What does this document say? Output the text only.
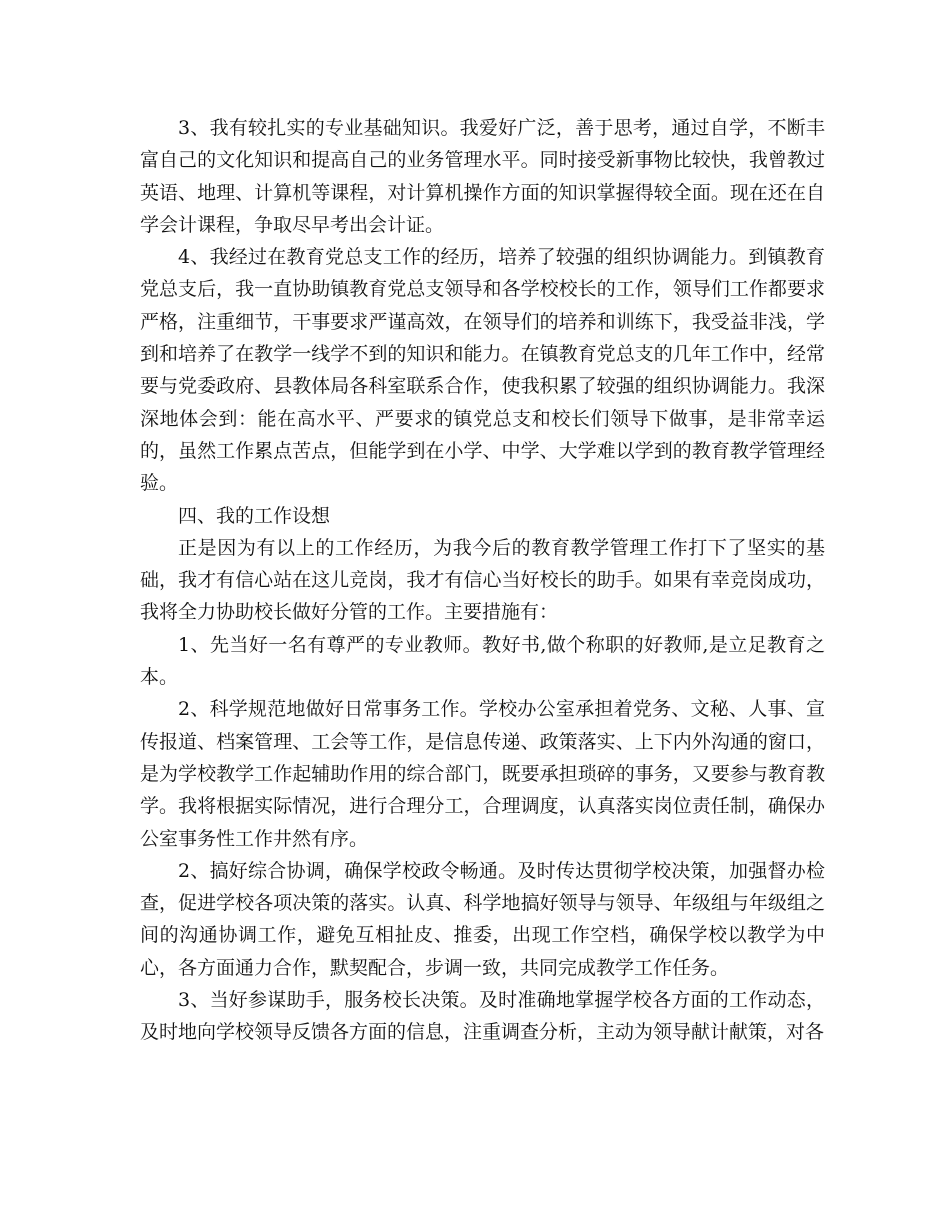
3、我有较扎实的专业基础知识。我爱好广泛，善于思考，通过自学，不断丰富自己的文化知识和提高自己的业务管理水平。同时接受新事物比较快，我曾教过英语、地理、计算机等课程，对计算机操作方面的知识掌握得较全面。现在还在自学会计课程，争取尽早考出会计证。

4、我经过在教育党总支工作的经历，培养了较强的组织协调能力。到镇教育党总支后，我一直协助镇教育党总支领导和各学校校长的工作，领导们工作都要求严格，注重细节，干事要求严谨高效，在领导们的培养和训练下，我受益非浅，学到和培养了在教学一线学不到的知识和能力。在镇教育党总支的几年工作中，经常要与党委政府、县教体局各科室联系合作，使我积累了较强的组织协调能力。我深深地体会到：能在高水平、严要求的镇党总支和校长们领导下做事，是非常幸运的，虽然工作累点苦点，但能学到在小学、中学、大学难以学到的教育教学管理经验。

四、我的工作设想

正是因为有以上的工作经历，为我今后的教育教学管理工作打下了坚实的基础，我才有信心站在这儿竞岗，我才有信心当好校长的助手。如果有幸竞岗成功，我将全力协助校长做好分管的工作。主要措施有：

1、先当好一名有尊严的专业教师。教好书,做个称职的好教师,是立足教育之本。

2、科学规范地做好日常事务工作。学校办公室承担着党务、文秘、人事、宣传报道、档案管理、工会等工作，是信息传递、政策落实、上下内外沟通的窗口，是为学校教学工作起辅助作用的综合部门，既要承担琐碎的事务，又要参与教育教学。我将根据实际情况，进行合理分工，合理调度，认真落实岗位责任制，确保办公室事务性工作井然有序。

2、搞好综合协调，确保学校政令畅通。及时传达贯彻学校决策，加强督办检查，促进学校各项决策的落实。认真、科学地搞好领导与领导、年级组与年级组之间的沟通协调工作，避免互相扯皮、推委，出现工作空档，确保学校以教学为中心，各方面通力合作，默契配合，步调一致，共同完成教学工作任务。

3、当好参谋助手，服务校长决策。及时准确地掌握学校各方面的工作动态，及时地向学校领导反馈各方面的信息，注重调查分析，主动为领导献计献策，对各
